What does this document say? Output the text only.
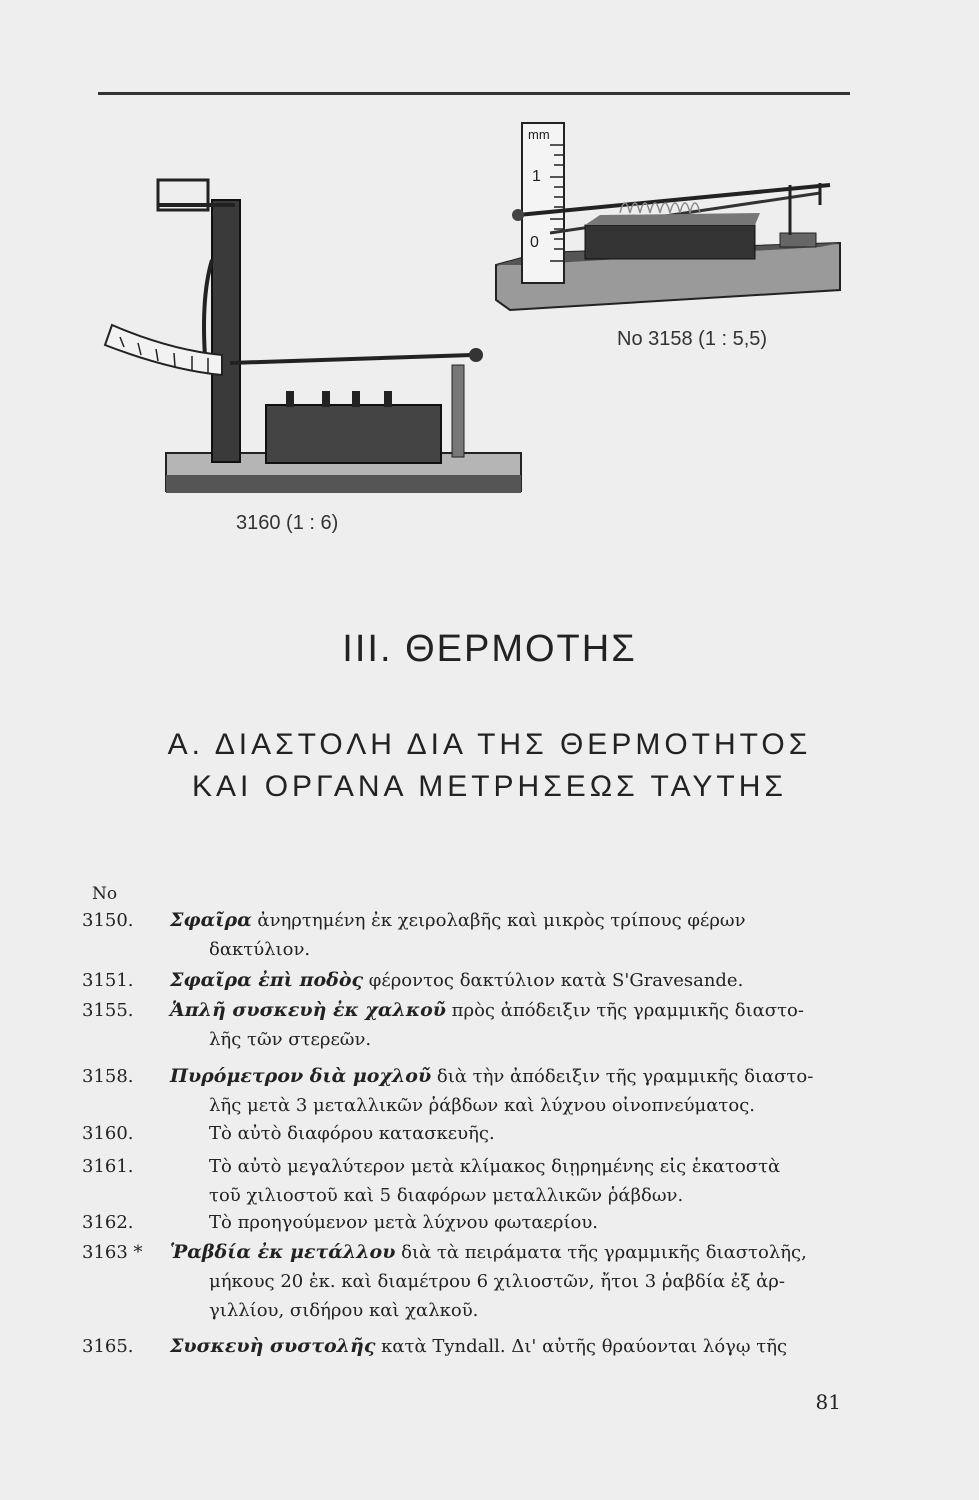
mm
1
0
No 3158 (1 : 5,5)
3160 (1 : 6)
III. ΘΕΡΜΟΤΗΣ
Α. ΔΙΑΣΤΟΛΗ ΔΙΑ ΤΗΣ ΘΕΡΜΟΤΗΤΟΣ
ΚΑΙ ΟΡΓΑΝΑ ΜΕΤΡΗΣΕΩΣ ΤΑΥΤΗΣ
No
3150.	Σφαῖρα ἀνηρτημένη ἐκ χειρολαβῆς καὶ μικρὸς τρίπους φέρων
δακτύλιον.
3151.	Σφαῖρα ἐπὶ ποδὸς φέροντος δακτύλιον κατὰ S'Gravesande.
3155.	Ἁπλῆ συσκευὴ ἐκ χαλκοῦ πρὸς ἀπόδειξιν τῆς γραμμικῆς διαστο-
λῆς τῶν στερεῶν.
3158.	Πυρόμετρον διὰ μοχλοῦ διὰ τὴν ἀπόδειξιν τῆς γραμμικῆς διαστο-
λῆς μετὰ 3 μεταλλικῶν ῥάβδων καὶ λύχνου οἰνοπνεύματος.
3160.	Τὸ αὐτὸ διαφόρου κατασκευῆς.
3161.	Τὸ αὐτὸ μεγαλύτερον μετὰ κλίμακος διῃρημένης εἰς ἑκατοστὰ
τοῦ χιλιοστοῦ καὶ 5 διαφόρων μεταλλικῶν ῥάβδων.
3162.	Τὸ προηγούμενον μετὰ λύχνου φωταερίου.
3163 *	Ῥαβδία ἐκ μετάλλου διὰ τὰ πειράματα τῆς γραμμικῆς διαστολῆς,
μήκους 20 ἑκ. καὶ διαμέτρου 6 χιλιοστῶν, ἤτοι 3 ῥαβδία ἐξ ἀρ-
γιλλίου, σιδήρου καὶ χαλκοῦ.
3165.	Συσκευὴ συστολῆς κατὰ Tyndall. Δι' αὐτῆς θραύονται λόγῳ τῆς
81
